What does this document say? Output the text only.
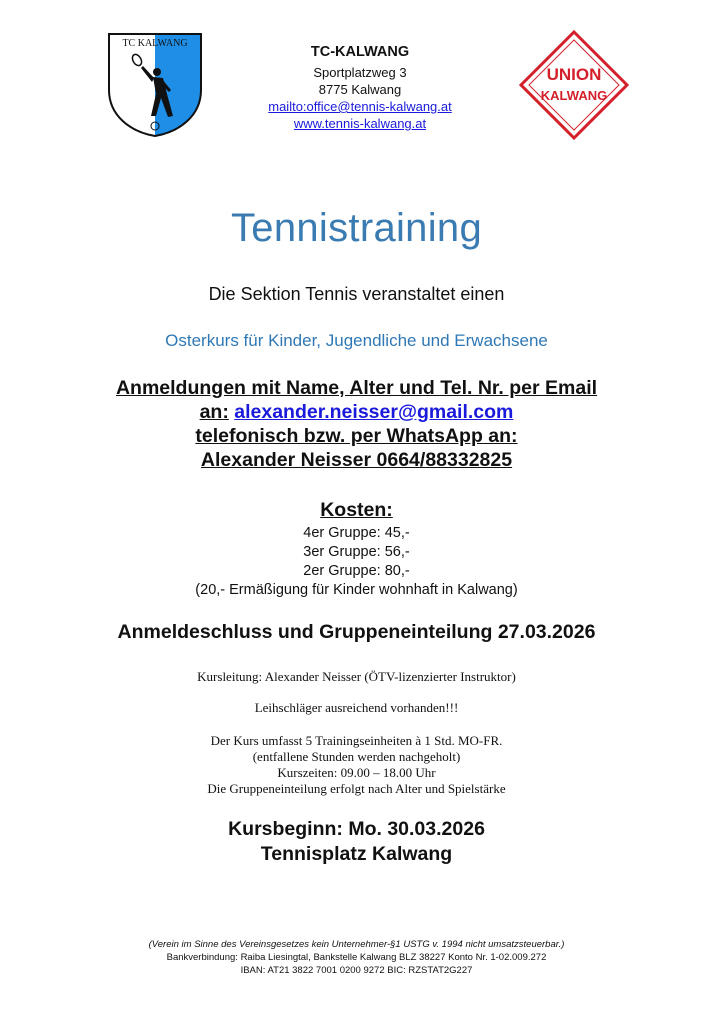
TC KALWANG
TC-KALWANG
Sportplatzweg 3
8775 Kalwang
mailto:office@tennis-kalwang.at
www.tennis-kalwang.at
UNION
KALWANG
Tennistraining
Die Sektion Tennis veranstaltet einen
Osterkurs für Kinder, Jugendliche und Erwachsene
Anmeldungen mit Name, Alter und Tel. Nr. per Email
an: alexander.neisser@gmail.com
telefonisch bzw. per WhatsApp an:
Alexander Neisser 0664/88332825
Kosten:
4er Gruppe: 45,-
3er Gruppe: 56,-
2er Gruppe: 80,-
(20,- Ermäßigung für Kinder wohnhaft in Kalwang)
Anmeldeschluss und Gruppeneinteilung 27.03.2026
Kursleitung: Alexander Neisser (ÖTV-lizenzierter Instruktor)
Leihschläger ausreichend vorhanden!!!
Der Kurs umfasst 5 Trainingseinheiten à 1 Std. MO-FR.
(entfallene Stunden werden nachgeholt)
Kurszeiten: 09.00 – 18.00 Uhr
Die Gruppeneinteilung erfolgt nach Alter und Spielstärke
Kursbeginn: Mo. 30.03.2026
Tennisplatz Kalwang
(Verein im Sinne des Vereinsgesetzes kein Unternehmer-§1 USTG v. 1994 nicht umsatzsteuerbar.)
Bankverbindung: Raiba Liesingtal, Bankstelle Kalwang BLZ 38227 Konto Nr. 1-02.009.272
IBAN: AT21 3822 7001 0200 9272 BIC: RZSTAT2G227
